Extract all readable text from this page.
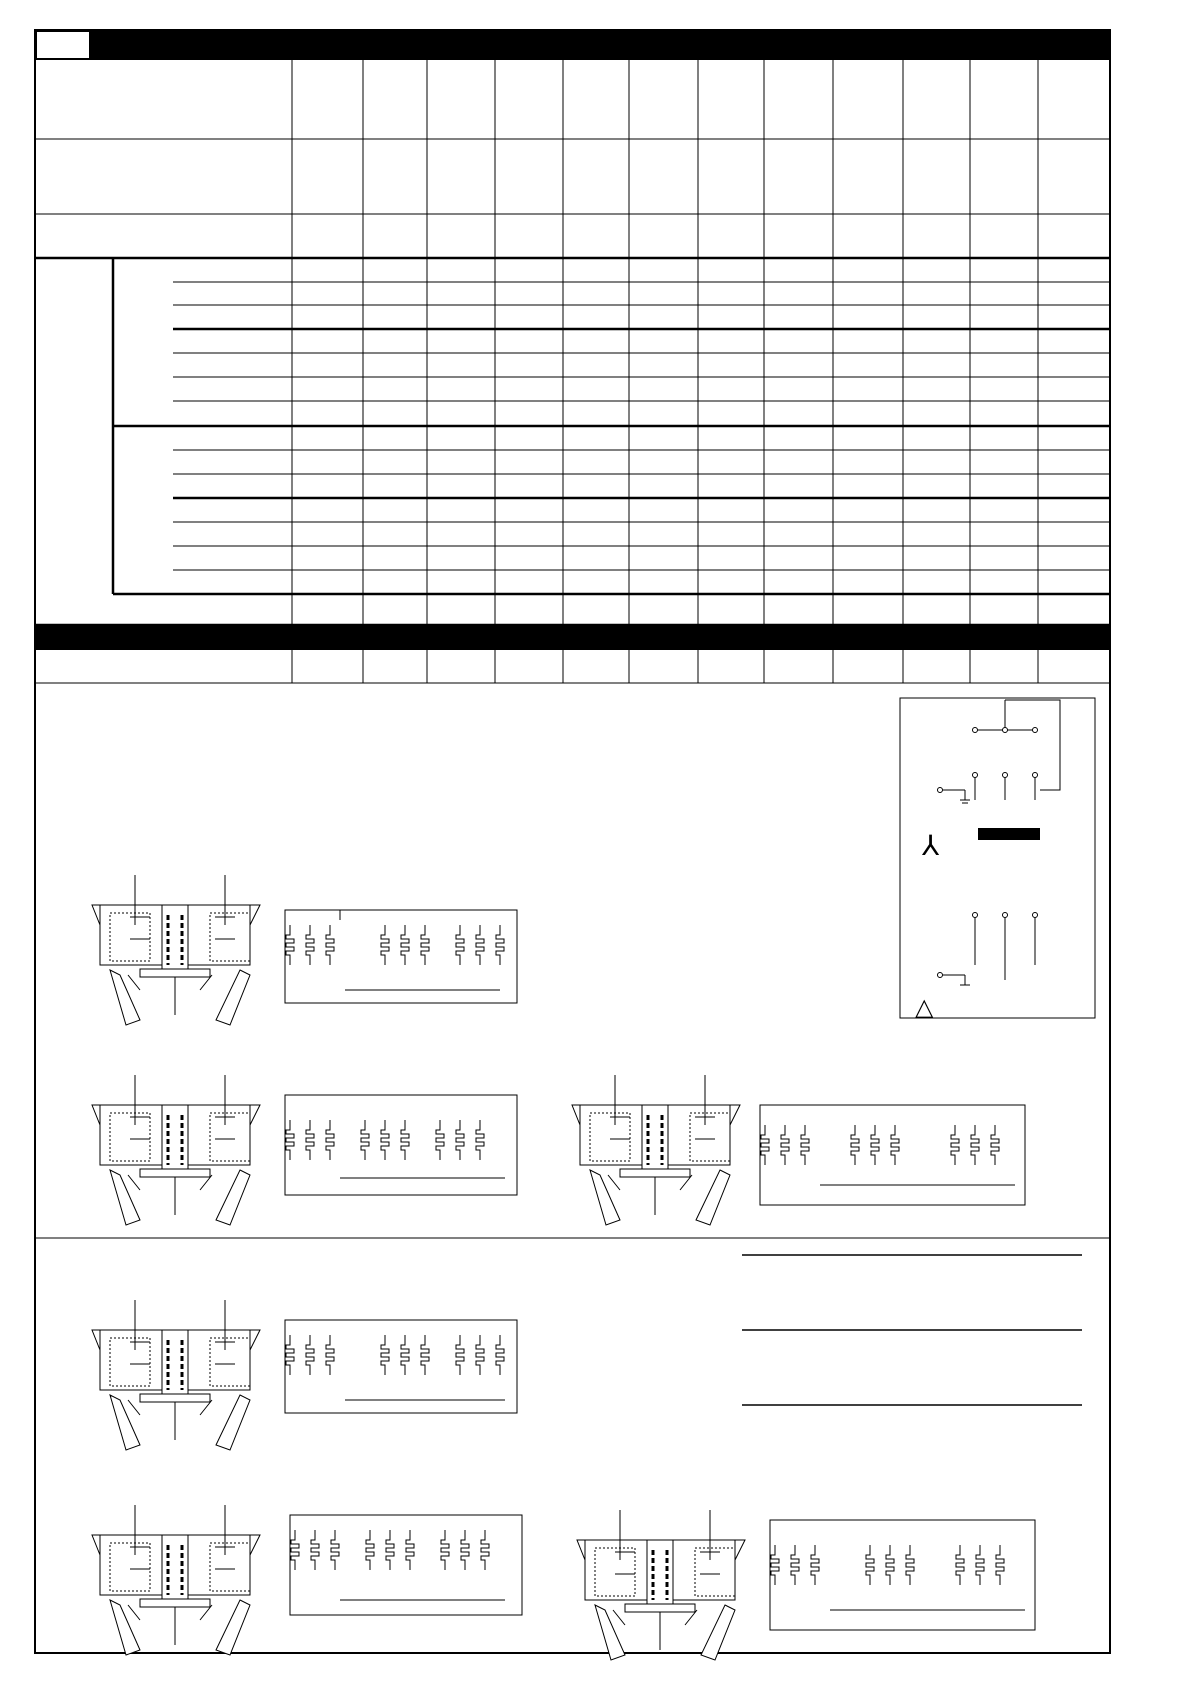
⅄
△
